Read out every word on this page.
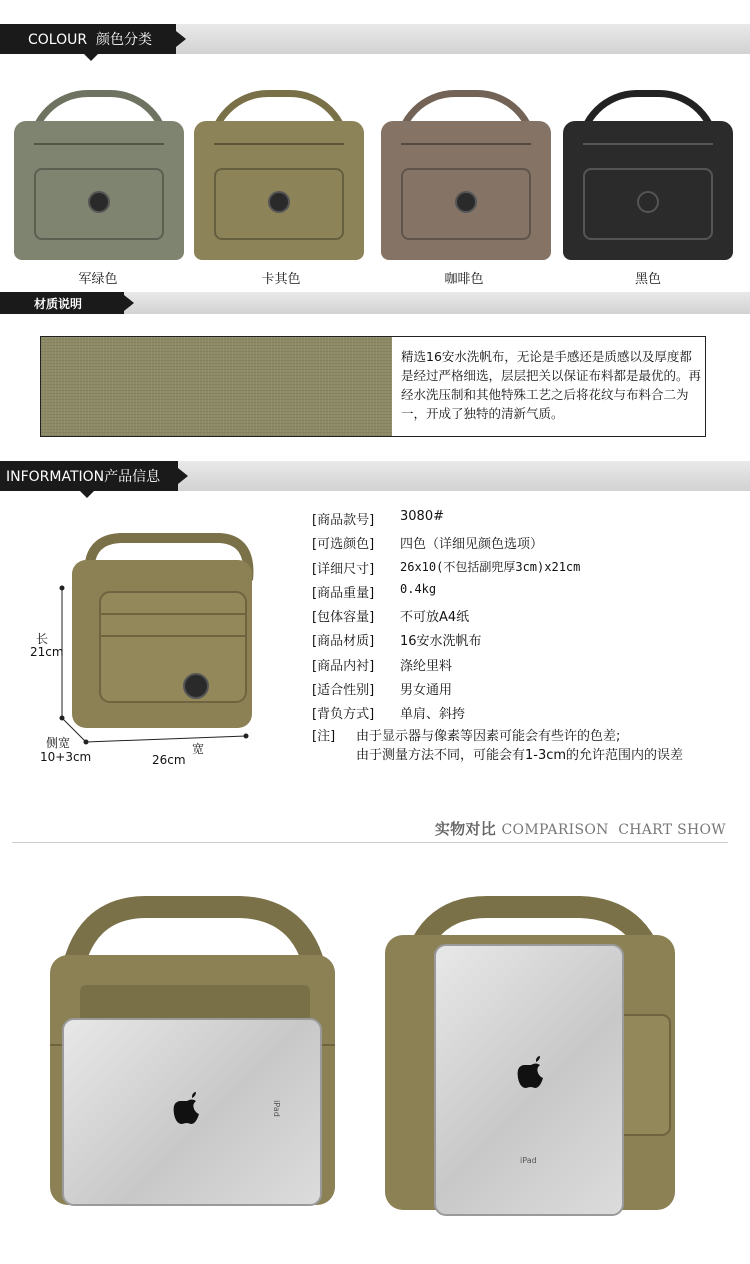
COLOUR  颜色分类
军绿色	卡其色	咖啡色	黑色
材质说明
精选16安水洗帆布，无论是手感还是质感以及厚度都是经过严格细选，层层把关以保证布料都是最优的。再经水洗压制和其他特殊工艺之后将花纹与布料合二为一，开成了独特的清新气质。
INFORMATION产品信息
长
21cm
侧宽
10+3cm
宽
26cm
[商品款号]	3080#
[可选颜色]	四色（详细见颜色选项）
[详细尺寸]	26x10(不包括副兜厚3cm)x21cm
[商品重量]	0.4kg
[包体容量]	不可放A4纸
[商品材质]	16安水洗帆布
[商品内衬]	涤纶里料
[适合性别]	男女通用
[背负方式]	单肩、斜挎
[注] 由于显示器与像素等因素可能会有些许的色差;
由于测量方法不同，可能会有1-3cm的允许范围内的误差
实物对比 COMPARISON  CHART SHOW
iPad
iPad
